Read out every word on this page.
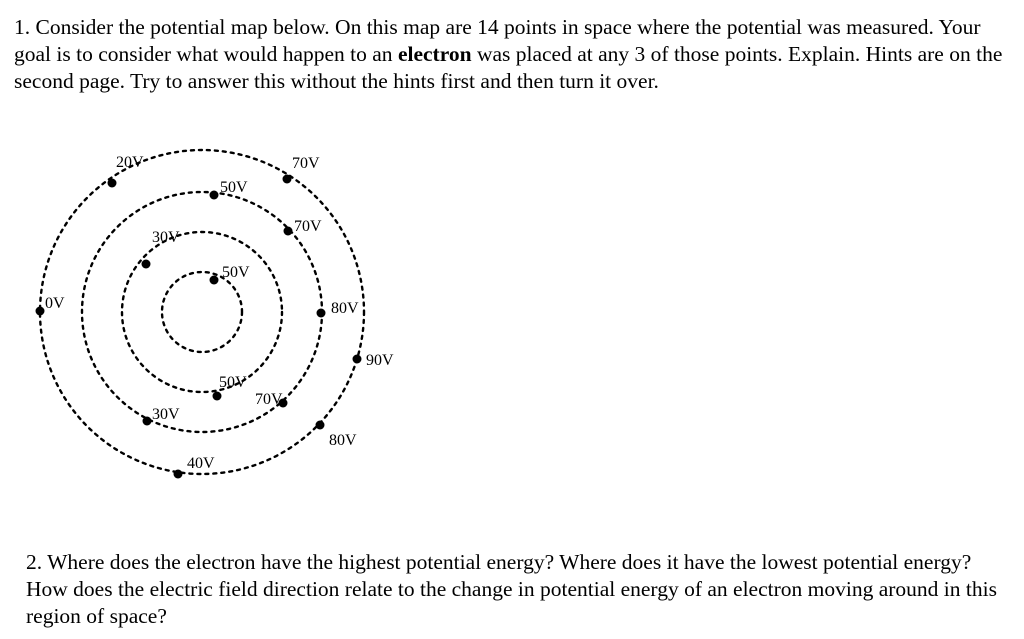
1. Consider the potential map below. On this map are 14 points in space where the potential was measured. Your goal is to consider what would happen to an electron was placed at any 3 of those points. Explain. Hints are on the second page. Try to answer this without the hints first and then turn it over.
20V	70V
50V
70V
30V
50V
0V	80V
90V
50V
70V
30V
80V
40V
2. Where does the electron have the highest potential energy? Where does it have the lowest potential energy? How does the electric field direction relate to the change in potential energy of an electron moving around in this region of space?
